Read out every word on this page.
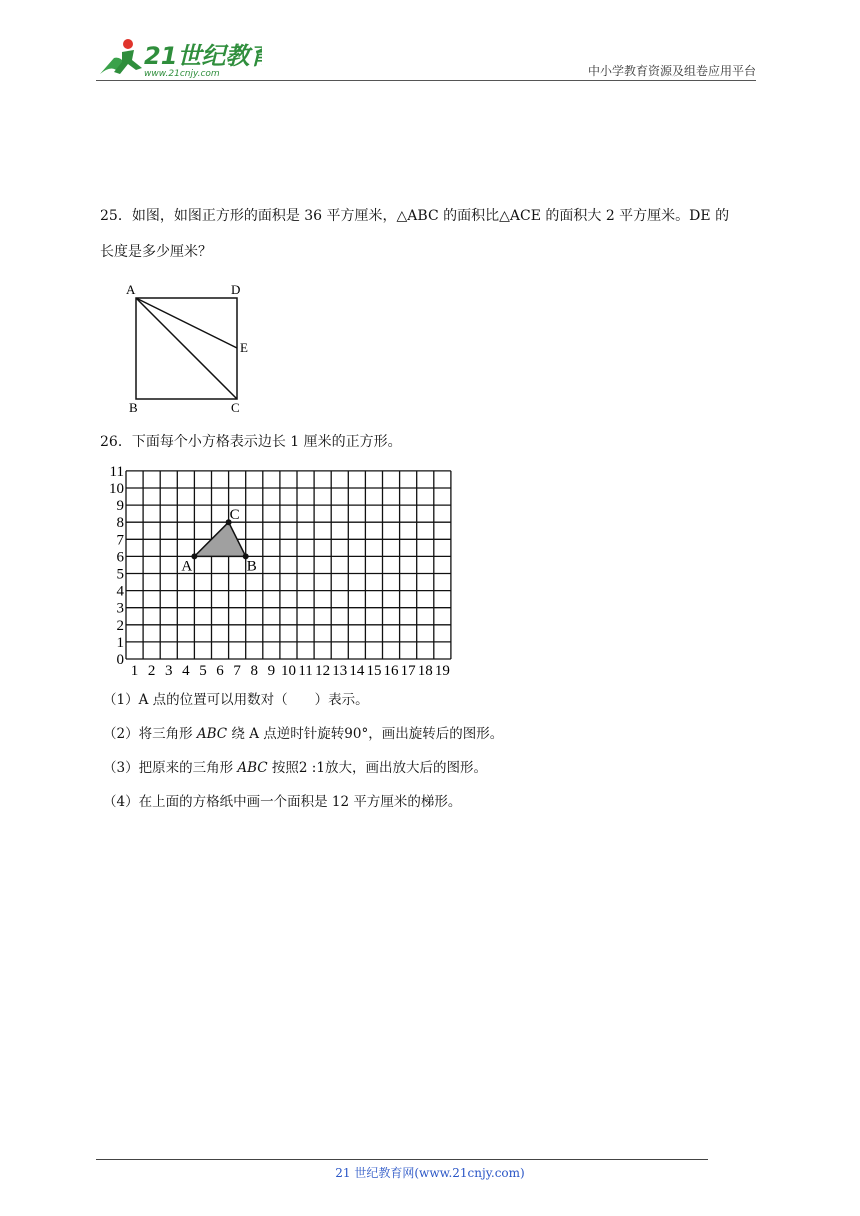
21世纪教育
www.21cnjy.com	中小学教育资源及组卷应用平台
25．如图，如图正方形的面积是 36 平方厘米，△ABC 的面积比△ACE 的面积大 2 平方厘米。DE 的
长度是多少厘米？
A	D
E
B	C
26．下面每个小方格表示边长 1 厘米的正方形。
1 2 3 4 5 6 7 8 9 10 11 12 13 14 15 16 17 18 19
0
1
2
3
4
5
6
7
8
9
10
11
A	B
C
（1）A 点的位置可以用数对（　　）表示。
（2）将三角形 ABC 绕 A 点逆时针旋转90°，画出旋转后的图形。
（3）把原来的三角形 ABC 按照2 :1放大，画出放大后的图形。
（4）在上面的方格纸中画一个面积是 12 平方厘米的梯形。
21 世纪教育网(www.21cnjy.com)
